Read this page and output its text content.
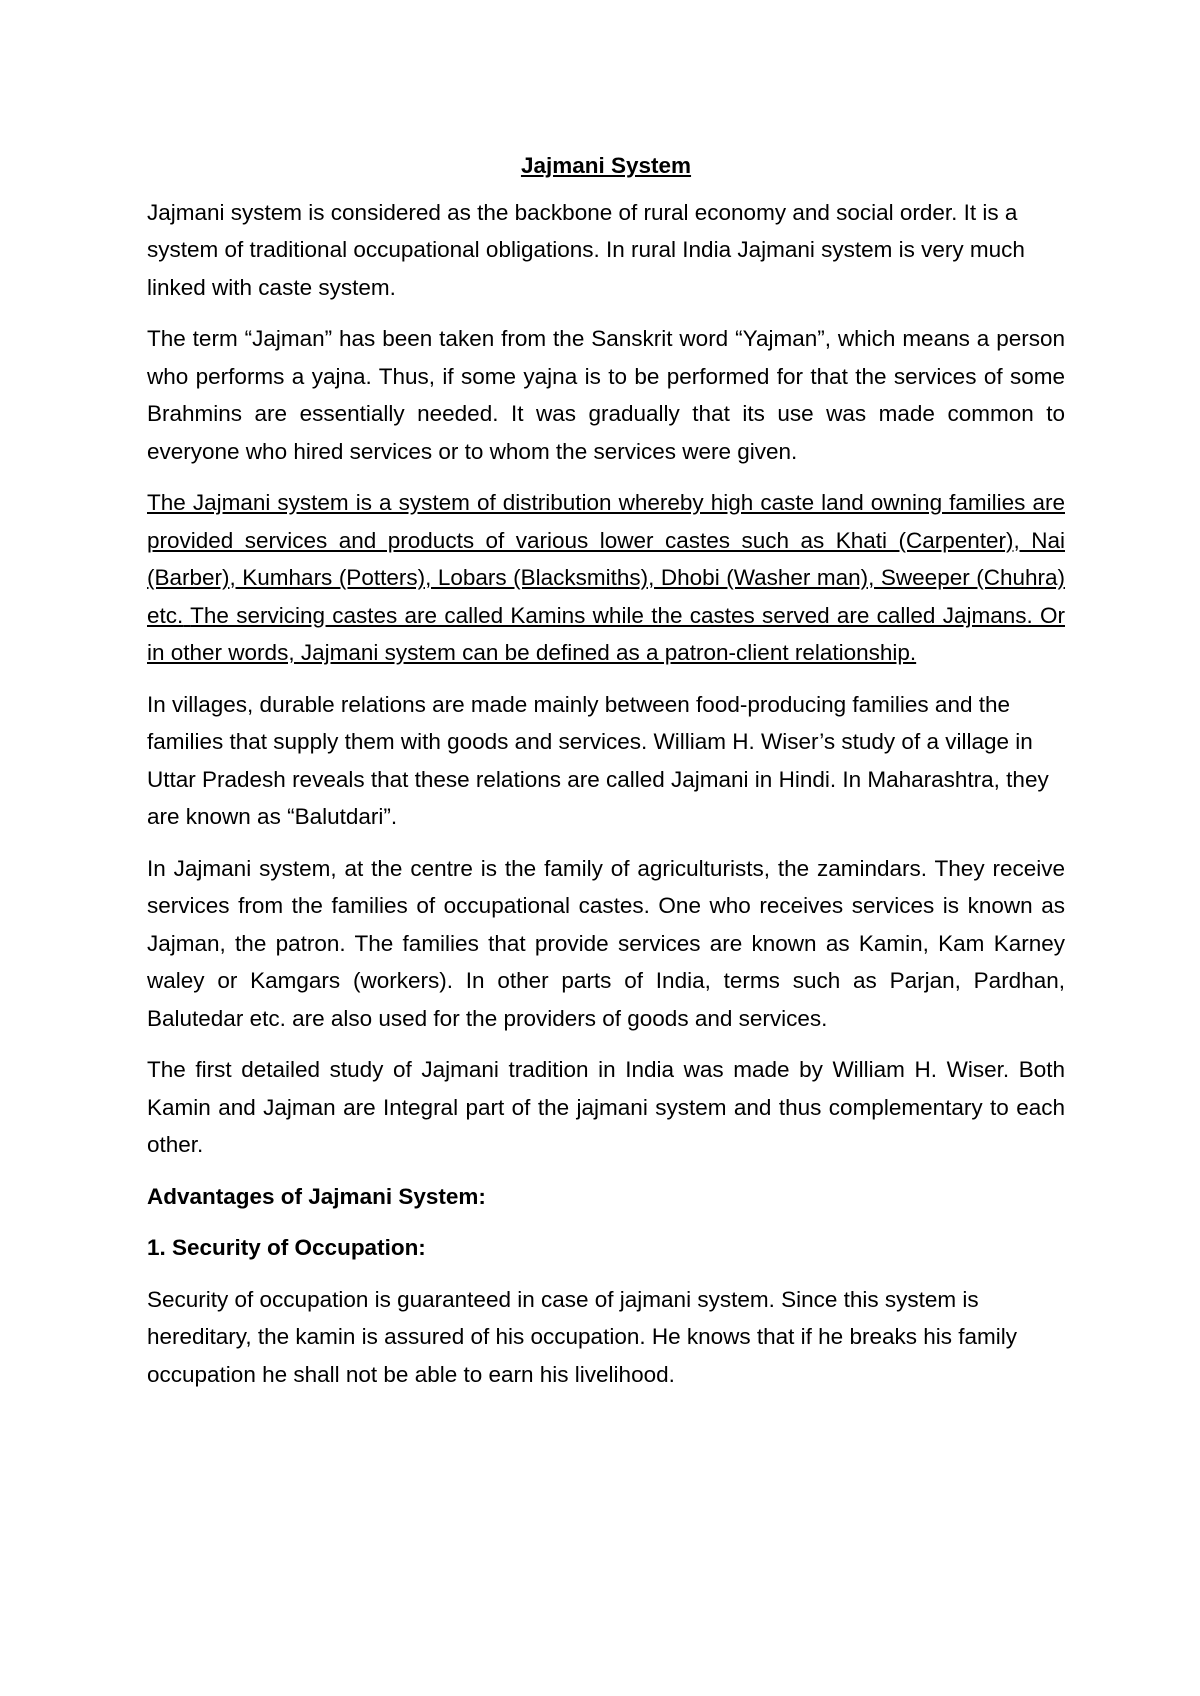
Jajmani System

Jajmani system is considered as the backbone of rural economy and social order. It is a system of traditional occupational obligations. In rural India Jajmani system is very much linked with caste system.

The term “Jajman” has been taken from the Sanskrit word “Yajman”, which means a person who performs a yajna. Thus, if some yajna is to be performed for that the services of some Brahmins are essentially needed. It was gradually that its use was made common to everyone who hired services or to whom the services were given.

The Jajmani system is a system of distribution whereby high caste land owning families are provided services and products of various lower castes such as Khati (Carpenter), Nai (Barber), Kumhars (Potters), Lobars (Blacksmiths), Dhobi (Washer man), Sweeper (Chuhra) etc. The servicing castes are called Kamins while the castes served are called Jajmans. Or in other words, Jajmani system can be defined as a patron-client relationship.

In villages, durable relations are made mainly between food-producing families and the families that supply them with goods and services. William H. Wiser’s study of a village in Uttar Pradesh reveals that these relations are called Jajmani in Hindi. In Maharashtra, they are known as “Balutdari”.

In Jajmani system, at the centre is the family of agriculturists, the zamindars. They receive services from the families of occupational castes. One who receives services is known as Jajman, the patron. The families that provide services are known as Kamin, Kam Karney waley or Kamgars (workers). In other parts of India, terms such as Parjan, Pardhan, Balutedar etc. are also used for the providers of goods and services.

The first detailed study of Jajmani tradition in India was made by William H. Wiser. Both Kamin and Jajman are Integral part of the jajmani system and thus complementary to each other.

Advantages of Jajmani System:
1. Security of Occupation:

Security of occupation is guaranteed in case of jajmani system. Since this system is hereditary, the kamin is assured of his occupation. He knows that if he breaks his family occupation he shall not be able to earn his livelihood.
